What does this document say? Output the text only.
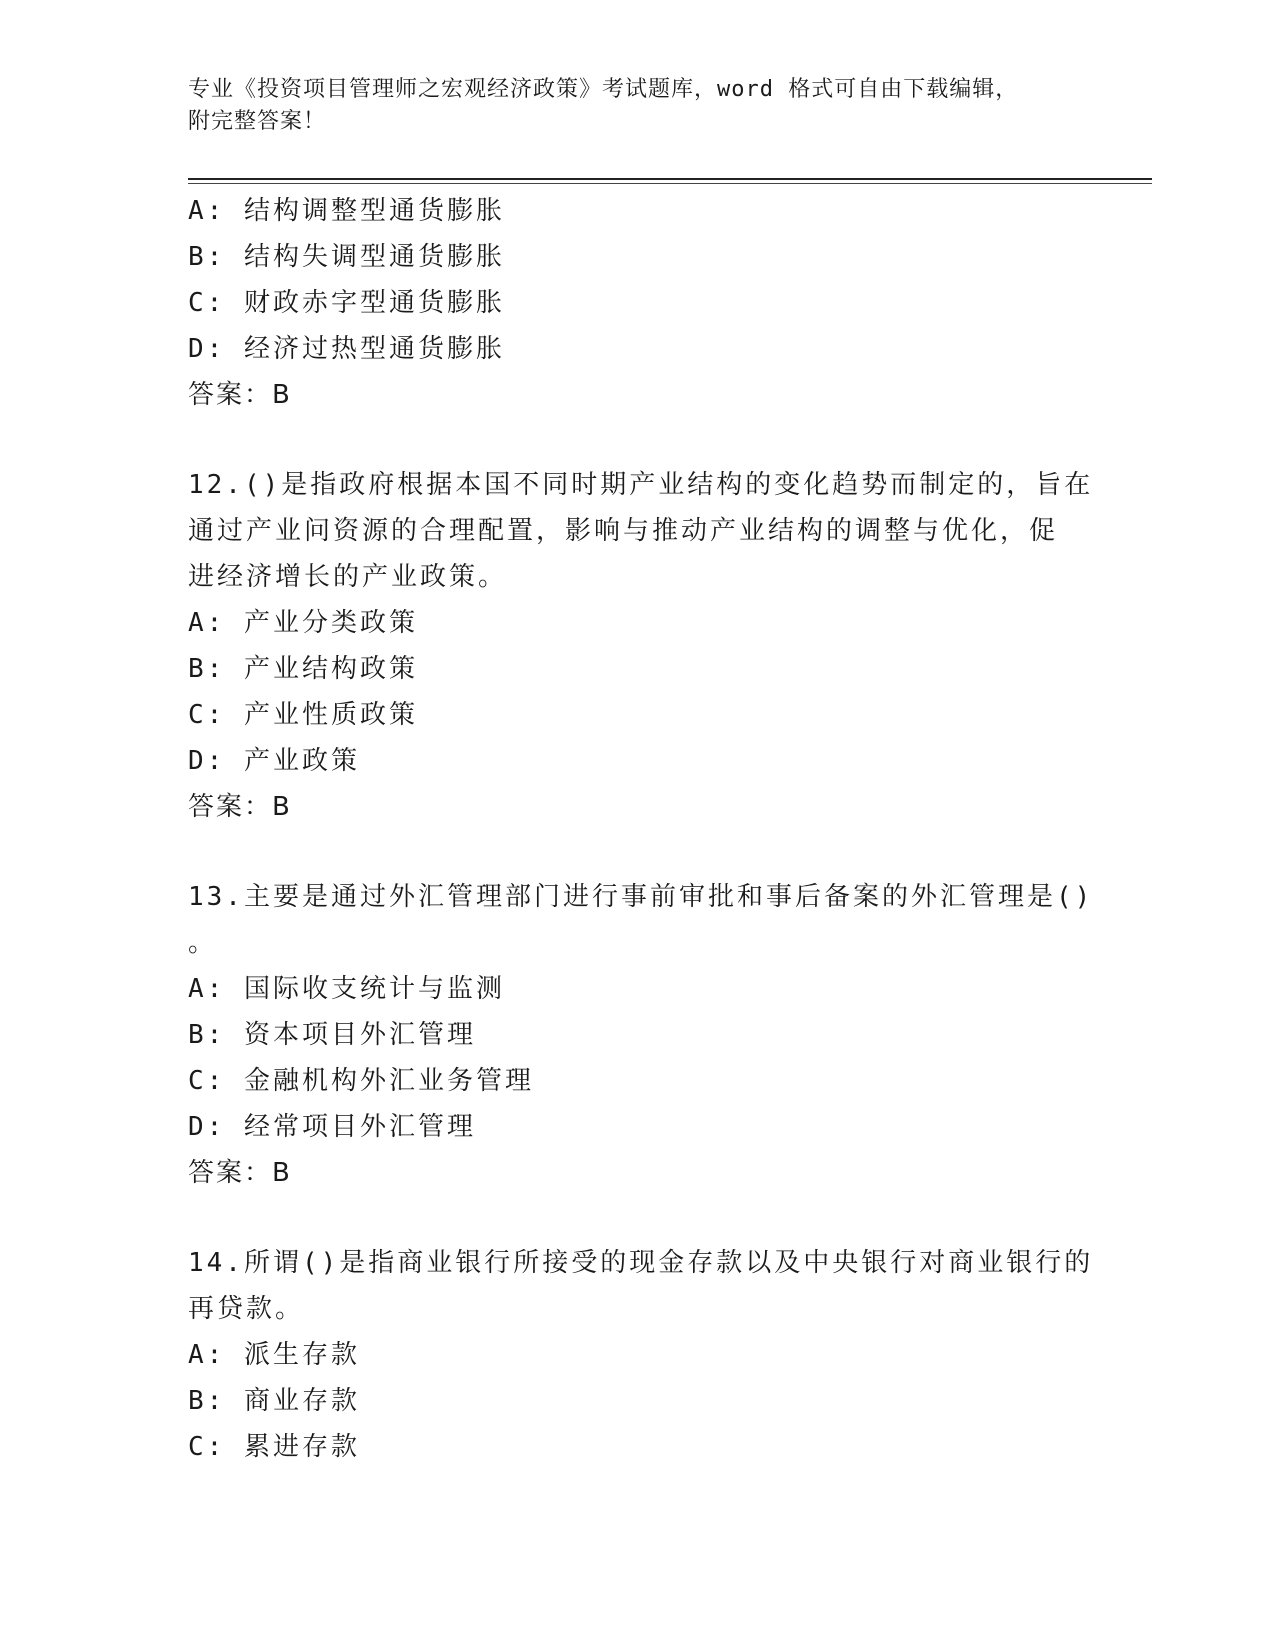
专业《投资项目管理师之宏观经济政策》考试题库，word 格式可自由下载编辑，
附完整答案！
A: 结构调整型通货膨胀
B: 结构失调型通货膨胀
C: 财政赤字型通货膨胀
D: 经济过热型通货膨胀
答案：B
12.()是指政府根据本国不同时期产业结构的变化趋势而制定的，旨在
通过产业问资源的合理配置，影响与推动产业结构的调整与优化，促
进经济增长的产业政策。
A: 产业分类政策
B: 产业结构政策
C: 产业性质政策
D: 产业政策
答案：B
13.主要是通过外汇管理部门进行事前审批和事后备案的外汇管理是()
。
A: 国际收支统计与监测
B: 资本项目外汇管理
C: 金融机构外汇业务管理
D: 经常项目外汇管理
答案：B
14.所谓()是指商业银行所接受的现金存款以及中央银行对商业银行的
再贷款。
A: 派生存款
B: 商业存款
C: 累进存款
